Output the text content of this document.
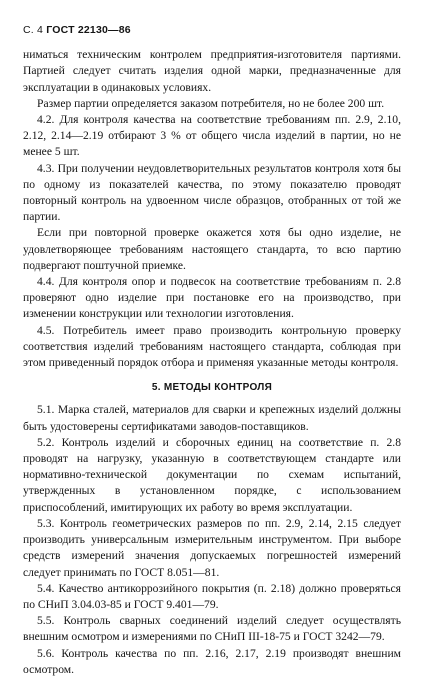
С. 4 ГОСТ 22130—86

ниматься техническим контролем предприятия-изготовителя партиями. Партией следует считать изделия одной марки, предназначенные для эксплуатации в одинаковых условиях.

Размер партии определяется заказом потребителя, но не более 200 шт.

4.2. Для контроля качества на соответствие требованиям пп. 2.9, 2.10, 2.12, 2.14—2.19 отбирают 3 % от общего числа изделий в партии, но не менее 5 шт.

4.3. При получении неудовлетворительных результатов контроля хотя бы по одному из показателей качества, по этому показателю проводят повторный контроль на удвоенном числе образцов, отобранных от той же партии.

Если при повторной проверке окажется хотя бы одно изделие, не удовлетворяющее требованиям настоящего стандарта, то всю партию подвергают поштучной приемке.

4.4. Для контроля опор и подвесок на соответствие требованиям п. 2.8 проверяют одно изделие при постановке его на производство, при изменении конструкции или технологии изготовления.

4.5. Потребитель имеет право производить контрольную проверку соответствия изделий требованиям настоящего стандарта, соблюдая при этом приведенный порядок отбора и применяя указанные методы контроля.

5. МЕТОДЫ КОНТРОЛЯ

5.1. Марка сталей, материалов для сварки и крепежных изделий должны быть удостоверены сертификатами заводов-поставщиков.

5.2. Контроль изделий и сборочных единиц на соответствие п. 2.8 проводят на нагрузку, указанную в соответствующем стандарте или нормативно-технической документации по схемам испытаний, утвержденных в установленном порядке, с использованием приспособлений, имитирующих их работу во время эксплуатации.

5.3. Контроль геометрических размеров по пп. 2.9, 2.14, 2.15 следует производить универсальным измерительным инструментом. При выборе средств измерений значения допускаемых погрешностей измерений следует принимать по ГОСТ 8.051—81.

5.4. Качество антикоррозийного покрытия (п. 2.18) должно проверяться по СНиП 3.04.03-85 и ГОСТ 9.401—79.

5.5. Контроль сварных соединений изделий следует осуществлять внешним осмотром и измерениями по СНиП III-18-75 и ГОСТ 3242—79.

5.6. Контроль качества по пп. 2.16, 2.17, 2.19 производят внешним осмотром.
